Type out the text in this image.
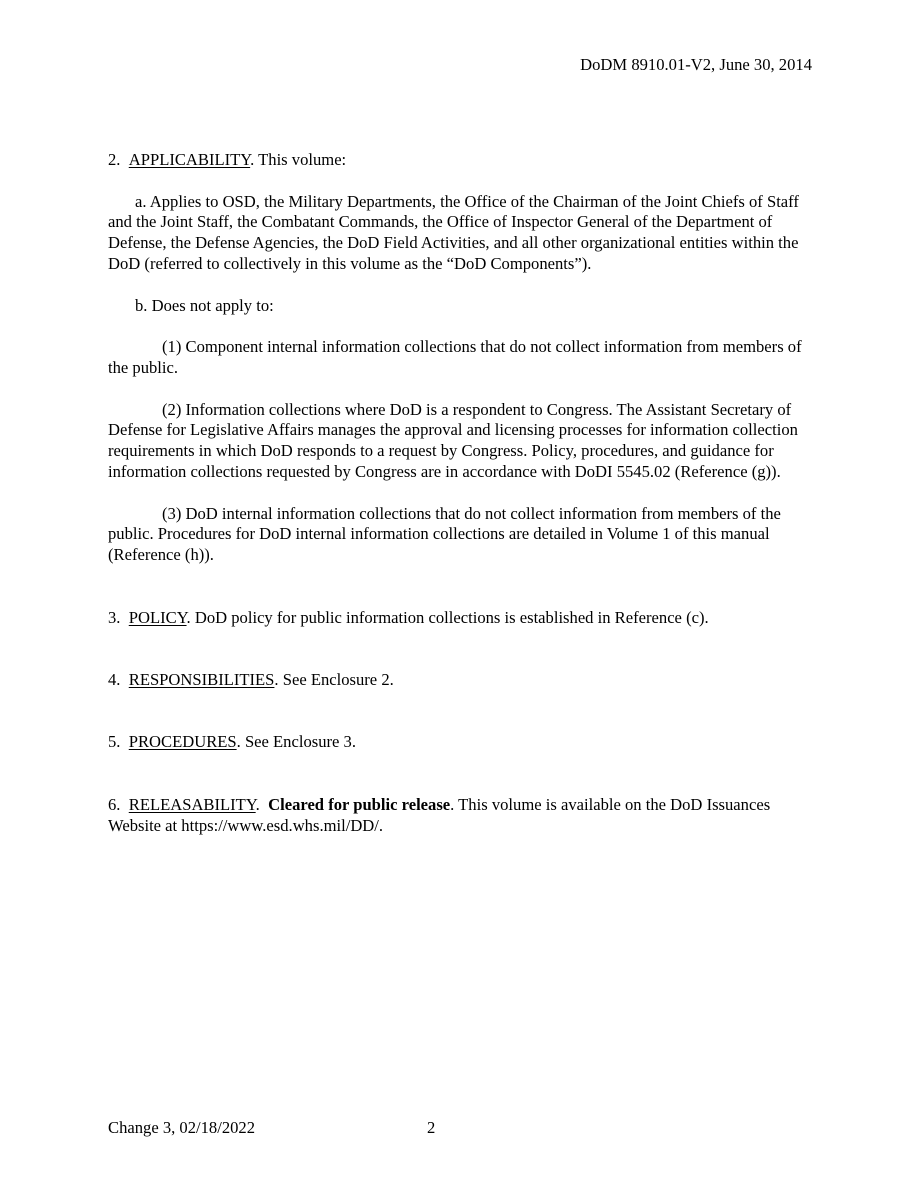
DoDM 8910.01-V2, June 30, 2014

2. APPLICABILITY. This volume:

a. Applies to OSD, the Military Departments, the Office of the Chairman of the Joint Chiefs of Staff and the Joint Staff, the Combatant Commands, the Office of Inspector General of the Department of Defense, the Defense Agencies, the DoD Field Activities, and all other organizational entities within the DoD (referred to collectively in this volume as the “DoD Components”).

b. Does not apply to:

(1) Component internal information collections that do not collect information from members of the public.

(2) Information collections where DoD is a respondent to Congress. The Assistant Secretary of Defense for Legislative Affairs manages the approval and licensing processes for information collection requirements in which DoD responds to a request by Congress. Policy, procedures, and guidance for information collections requested by Congress are in accordance with DoDI 5545.02 (Reference (g)).

(3) DoD internal information collections that do not collect information from members of the public. Procedures for DoD internal information collections are detailed in Volume 1 of this manual (Reference (h)).

3. POLICY. DoD policy for public information collections is established in Reference (c).

4. RESPONSIBILITIES. See Enclosure 2.

5. PROCEDURES. See Enclosure 3.

6. RELEASABILITY.  Cleared for public release. This volume is available on the DoD Issuances Website at https://www.esd.whs.mil/DD/.

Change 3, 02/18/2022	2
